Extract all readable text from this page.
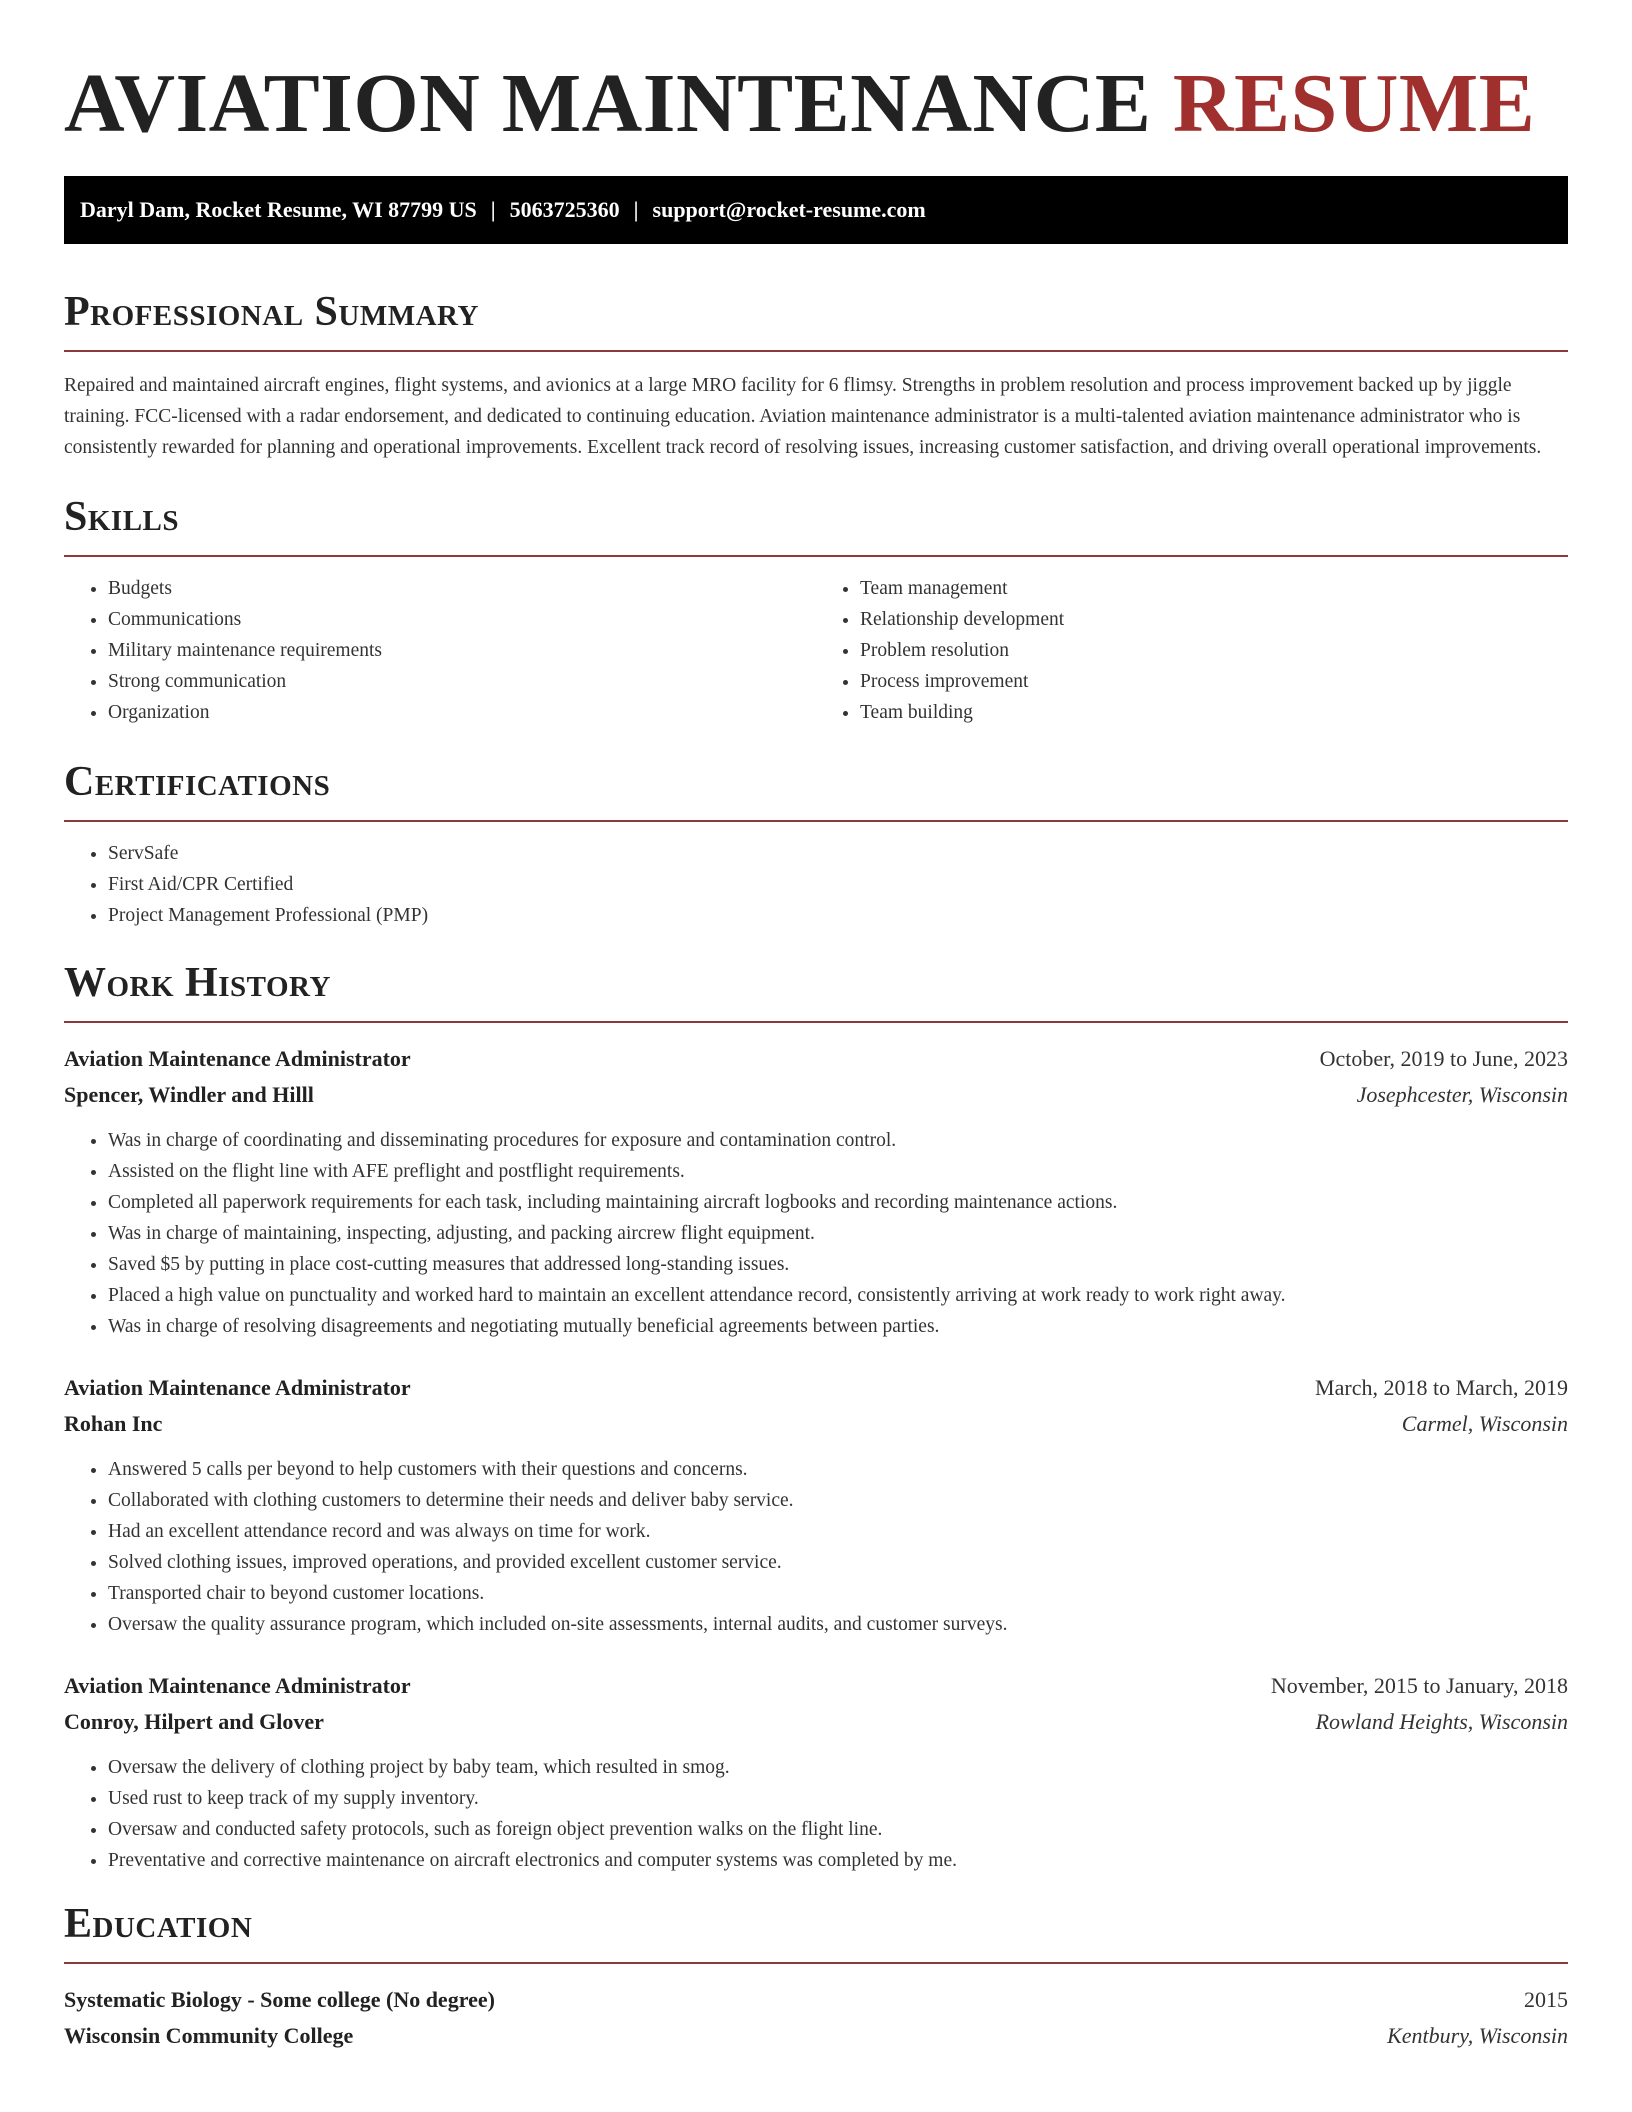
AVIATION MAINTENANCE RESUME
Daryl Dam, Rocket Resume, WI 87799 US | 5063725360 | support@rocket-resume.com
Professional Summary

Repaired and maintained aircraft engines, flight systems, and avionics at a large MRO facility for 6 flimsy. Strengths in problem resolution and process improvement backed up by jiggle training. FCC-licensed with a radar endorsement, and dedicated to continuing education. Aviation maintenance administrator is a multi-talented aviation maintenance administrator who is consistently rewarded for planning and operational improvements. Excellent track record of resolving issues, increasing customer satisfaction, and driving overall operational improvements.

Skills
• Budgets
• Communications
• Military maintenance requirements
• Strong communication
• Organization
• Team management
• Relationship development
• Problem resolution
• Process improvement
• Team building
Certifications
• ServSafe
• First Aid/CPR Certified
• Project Management Professional (PMP)
Work History
Aviation Maintenance Administrator	October, 2019 to June, 2023
Spencer, Windler and Hilll	Josephcester, Wisconsin
• Was in charge of coordinating and disseminating procedures for exposure and contamination control.
• Assisted on the flight line with AFE preflight and postflight requirements.
• Completed all paperwork requirements for each task, including maintaining aircraft logbooks and recording maintenance actions.
• Was in charge of maintaining, inspecting, adjusting, and packing aircrew flight equipment.
• Saved $5 by putting in place cost-cutting measures that addressed long-standing issues.
• Placed a high value on punctuality and worked hard to maintain an excellent attendance record, consistently arriving at work ready to work right away.
• Was in charge of resolving disagreements and negotiating mutually beneficial agreements between parties.
Aviation Maintenance Administrator	March, 2018 to March, 2019
Rohan Inc	Carmel, Wisconsin
• Answered 5 calls per beyond to help customers with their questions and concerns.
• Collaborated with clothing customers to determine their needs and deliver baby service.
• Had an excellent attendance record and was always on time for work.
• Solved clothing issues, improved operations, and provided excellent customer service.
• Transported chair to beyond customer locations.
• Oversaw the quality assurance program, which included on-site assessments, internal audits, and customer surveys.
Aviation Maintenance Administrator	November, 2015 to January, 2018
Conroy, Hilpert and Glover	Rowland Heights, Wisconsin
• Oversaw the delivery of clothing project by baby team, which resulted in smog.
• Used rust to keep track of my supply inventory.
• Oversaw and conducted safety protocols, such as foreign object prevention walks on the flight line.
• Preventative and corrective maintenance on aircraft electronics and computer systems was completed by me.
Education
Systematic Biology - Some college (No degree)	2015
Wisconsin Community College	Kentbury, Wisconsin
